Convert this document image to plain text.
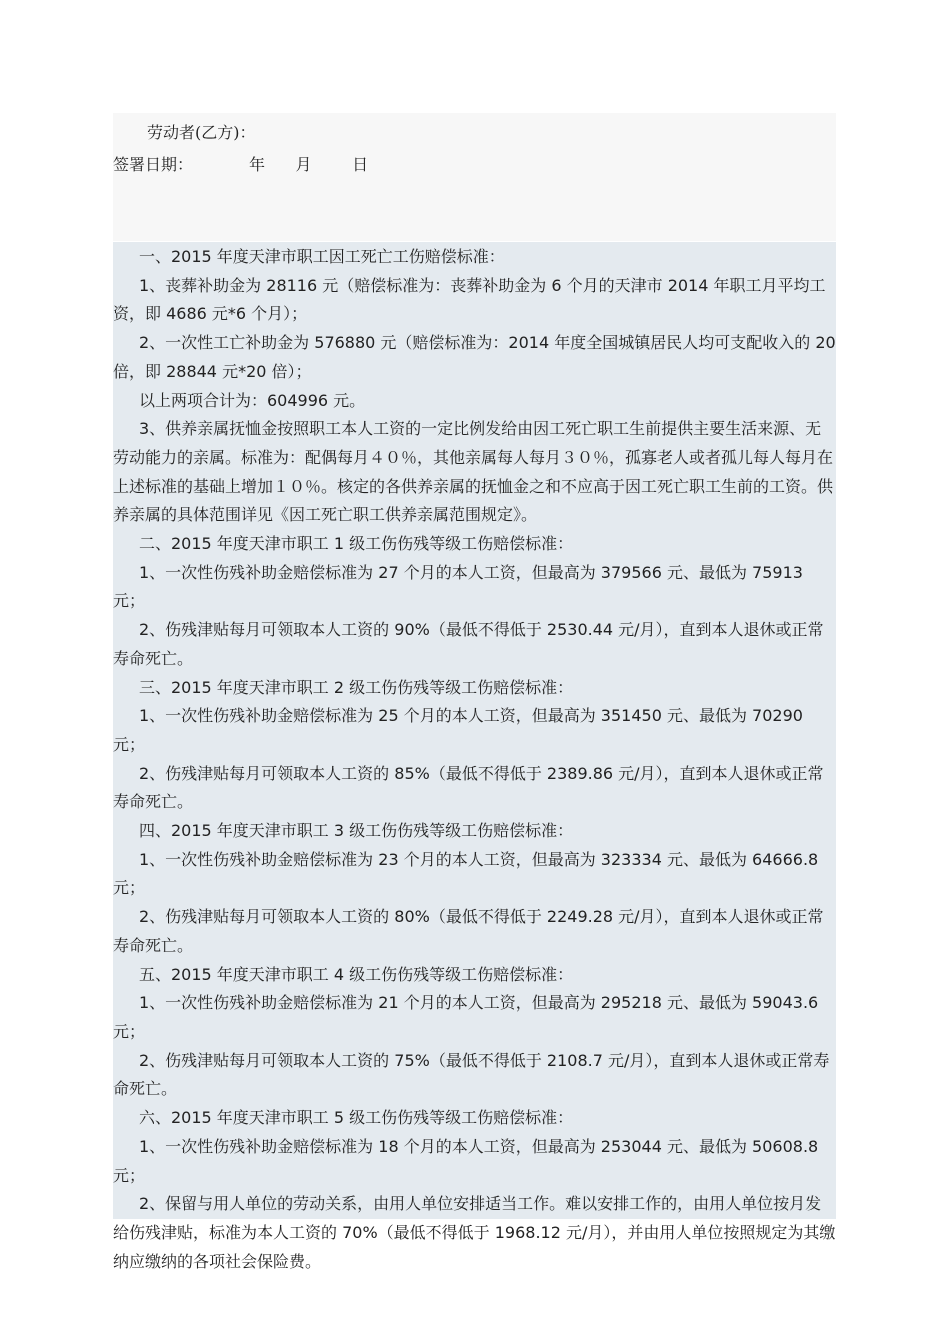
劳动者(乙方)：
签署日期：           年      月        日

一、2015 年度天津市职工因工死亡工伤赔偿标准：

1、丧葬补助金为 28116 元（赔偿标准为：丧葬补助金为 6 个月的天津市 2014 年职工月平均工资，即 4686 元*6 个月）；

2、一次性工亡补助金为 576880 元（赔偿标准为：2014 年度全国城镇居民人均可支配收入的 20 倍，即 28844 元*20 倍）；

以上两项合计为：604996 元。

3、供养亲属抚恤金按照职工本人工资的一定比例发给由因工死亡职工生前提供主要生活来源、无劳动能力的亲属。标准为：配偶每月４０％，其他亲属每人每月３０％，孤寡老人或者孤儿每人每月在上述标准的基础上增加１０％。核定的各供养亲属的抚恤金之和不应高于因工死亡职工生前的工资。供养亲属的具体范围详见《因工死亡职工供养亲属范围规定》。

二、2015 年度天津市职工 1 级工伤伤残等级工伤赔偿标准：

1、一次性伤残补助金赔偿标准为 27 个月的本人工资，但最高为 379566 元、最低为 75913 元；

2、伤残津贴每月可领取本人工资的 90%（最低不得低于 2530.44 元/月），直到本人退休或正常寿命死亡。

三、2015 年度天津市职工 2 级工伤伤残等级工伤赔偿标准：

1、一次性伤残补助金赔偿标准为 25 个月的本人工资，但最高为 351450 元、最低为 70290 元；

2、伤残津贴每月可领取本人工资的 85%（最低不得低于 2389.86 元/月），直到本人退休或正常寿命死亡。

四、2015 年度天津市职工 3 级工伤伤残等级工伤赔偿标准：

1、一次性伤残补助金赔偿标准为 23 个月的本人工资，但最高为 323334 元、最低为 64666.8 元；

2、伤残津贴每月可领取本人工资的 80%（最低不得低于 2249.28 元/月），直到本人退休或正常寿命死亡。

五、2015 年度天津市职工 4 级工伤伤残等级工伤赔偿标准：

1、一次性伤残补助金赔偿标准为 21 个月的本人工资，但最高为 295218 元、最低为 59043.6 元；

2、伤残津贴每月可领取本人工资的 75%（最低不得低于 2108.7 元/月），直到本人退休或正常寿命死亡。

六、2015 年度天津市职工 5 级工伤伤残等级工伤赔偿标准：

1、一次性伤残补助金赔偿标准为 18 个月的本人工资，但最高为 253044 元、最低为 50608.8 元；

2、保留与用人单位的劳动关系，由用人单位安排适当工作。难以安排工作的，由用人单位按月发给伤残津贴，标准为本人工资的 70%（最低不得低于 1968.12 元/月），并由用人单位按照规定为其缴纳应缴纳的各项社会保险费。
